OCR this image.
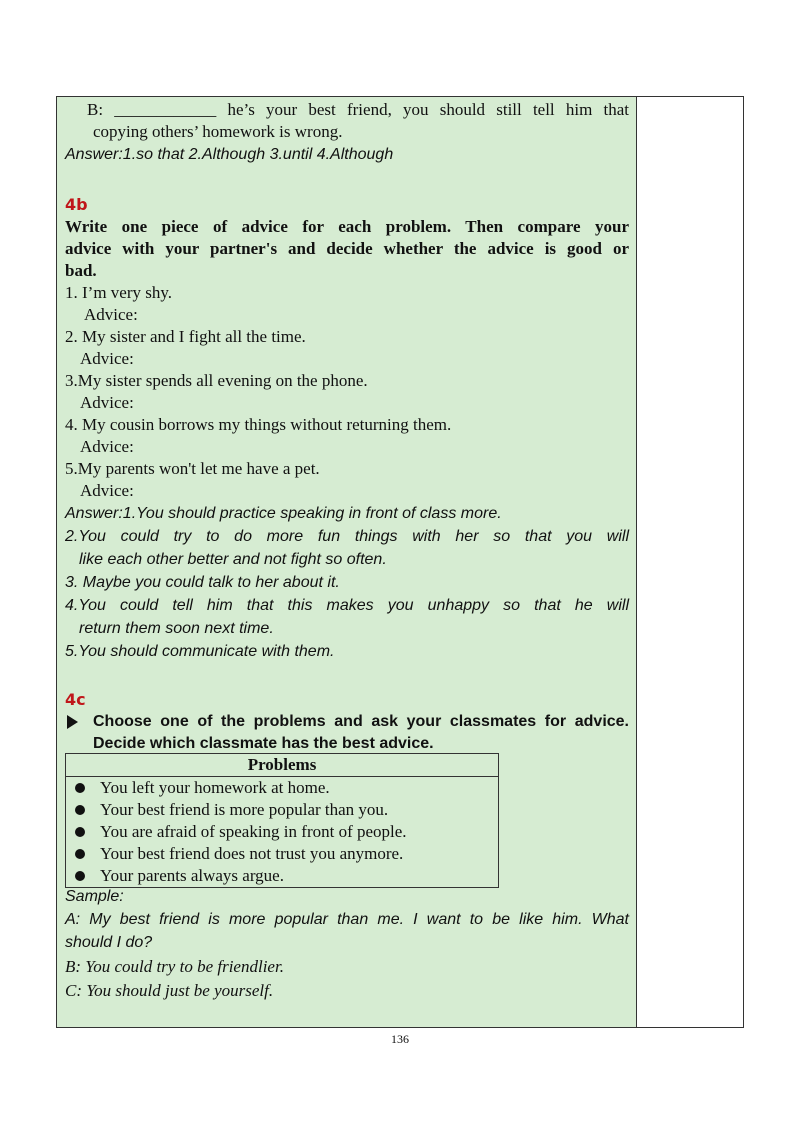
B: ____________ he’s your best friend, you should still tell him that
copying others’ homework is wrong.
Answer:1.so that 2.Although 3.until 4.Although
4b
Write one piece of advice for each problem. Then compare your
advice with your partner's and decide whether the advice is good or
bad.
1. I’m very shy.
Advice:
2. My sister and I fight all the time.
Advice:
3.My sister spends all evening on the phone.
Advice:
4. My cousin borrows my things without returning them.
Advice:
5.My parents won't let me have a pet.
Advice:
Answer:1.You should practice speaking in front of class more.
2.You could try to do more fun things with her so that you will
like each other better and not fight so often.
3. Maybe you could talk to her about it.
4.You could tell him that this makes you unhappy so that he will
return them soon next time.
5.You should communicate with them.
4c
Choose one of the problems and ask your classmates for advice.
Decide which classmate has the best advice.
Problems
You left your homework at home.
Your best friend is more popular than you.
You are afraid of speaking in front of people.
Your best friend does not trust you anymore.
Your parents always argue.
Sample:
A: My best friend is more popular than me. I want to be like him. What
should I do?
B: You could try to be friendlier.
C: You should just be yourself.
136
